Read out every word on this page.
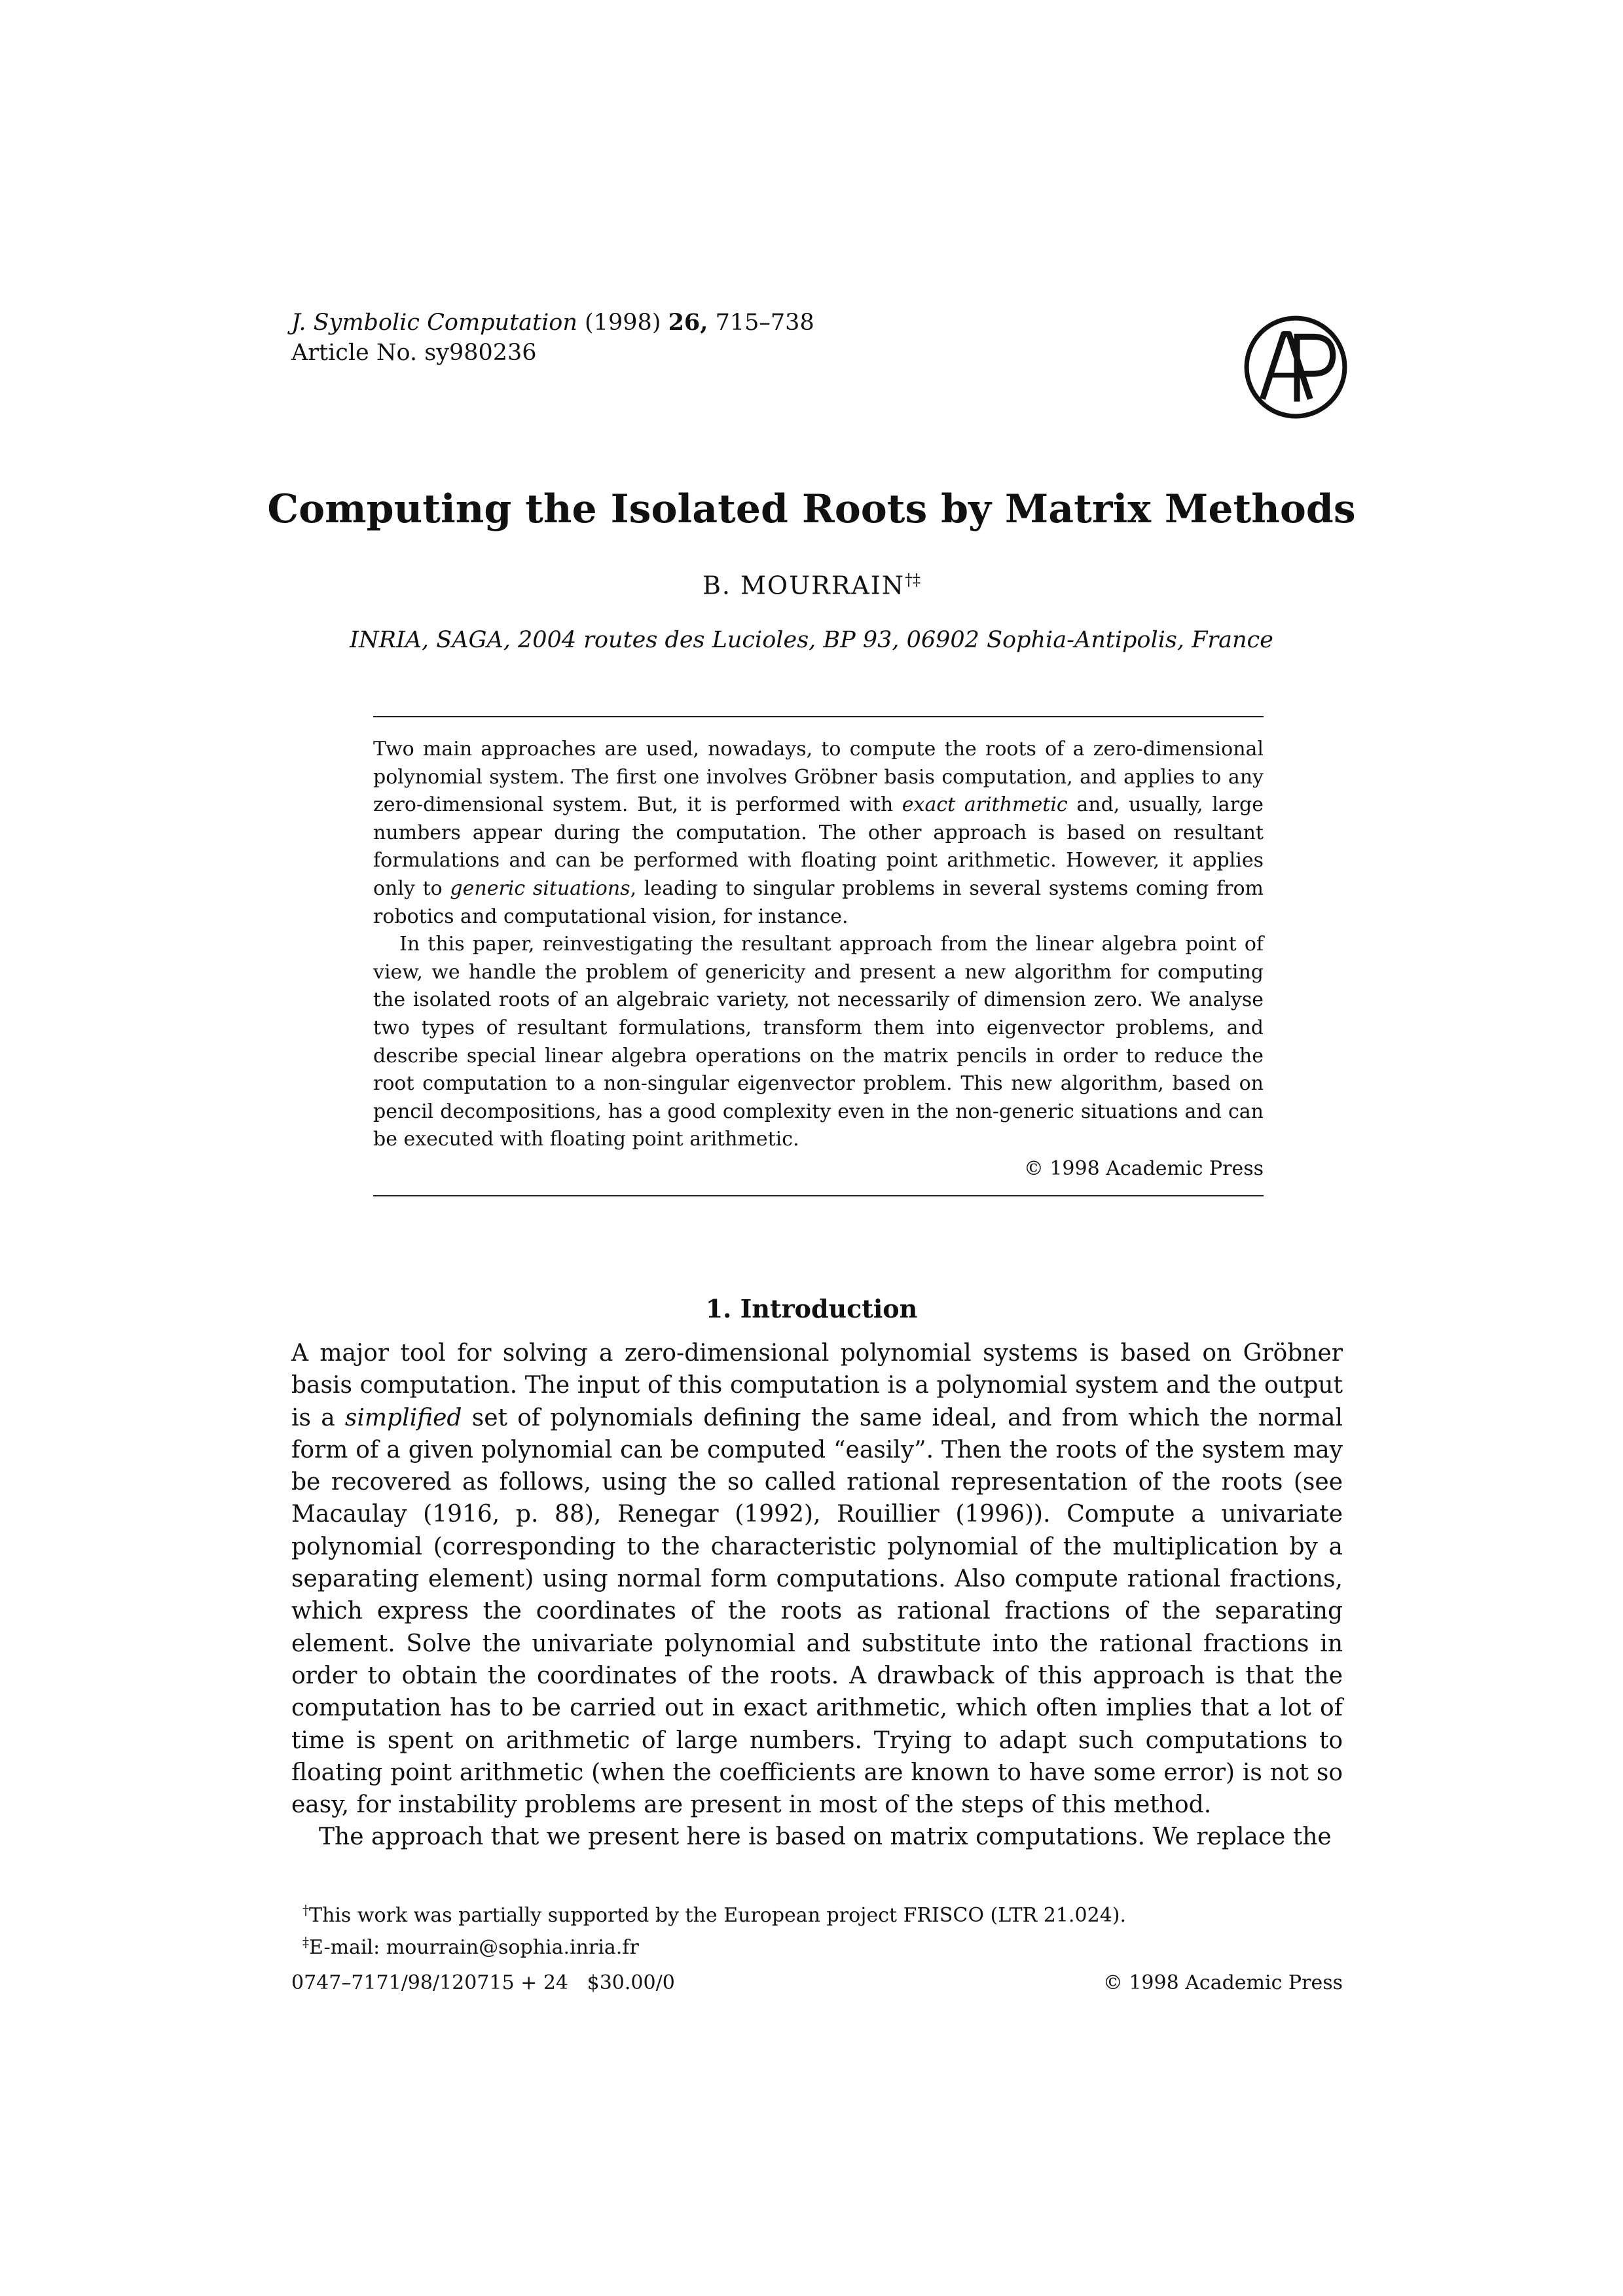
J. Symbolic Computation (1998) 26, 715–738
Article No. sy980236
Computing the Isolated Roots by Matrix Methods
B. MOURRAIN†‡
INRIA, SAGA, 2004 routes des Lucioles, BP 93, 06902 Sophia-Antipolis, France

Two main approaches are used, nowadays, to compute the roots of a zero-dimensional polynomial system. The first one involves Gröbner basis computation, and applies to any zero-dimensional system. But, it is performed with exact arithmetic and, usually, large numbers appear during the computation. The other approach is based on resultant formulations and can be performed with floating point arithmetic. However, it applies only to generic situations, leading to singular problems in several systems coming from robotics and computational vision, for instance.

In this paper, reinvestigating the resultant approach from the linear algebra point of view, we handle the problem of genericity and present a new algorithm for computing the isolated roots of an algebraic variety, not necessarily of dimension zero. We analyse two types of resultant formulations, transform them into eigenvector problems, and describe special linear algebra operations on the matrix pencils in order to reduce the root computation to a non-singular eigenvector problem. This new algorithm, based on pencil decompositions, has a good complexity even in the non-generic situations and can be executed with floating point arithmetic.

© 1998 Academic Press
1. Introduction

A major tool for solving a zero-dimensional polynomial systems is based on Gröbner basis computation. The input of this computation is a polynomial system and the output is a simplified set of polynomials defining the same ideal, and from which the normal form of a given polynomial can be computed “easily”. Then the roots of the system may be recovered as follows, using the so called rational representation of the roots (see Macaulay (1916, p. 88), Renegar (1992), Rouillier (1996)). Compute a univariate polynomial (corresponding to the characteristic polynomial of the multiplication by a separating element) using normal form computations. Also compute rational fractions, which express the coordinates of the roots as rational fractions of the separating element. Solve the univariate polynomial and substitute into the rational fractions in order to obtain the coordinates of the roots. A drawback of this approach is that the computation has to be carried out in exact arithmetic, which often implies that a lot of time is spent on arithmetic of large numbers. Trying to adapt such computations to floating point arithmetic (when the coefficients are known to have some error) is not so easy, for instability problems are present in most of the steps of this method.

The approach that we present here is based on matrix computations. We replace the

†This work was partially supported by the European project FRISCO (LTR 21.024).
‡E-mail: mourrain@sophia.inria.fr
0747–7171/98/120715 + 24 $30.00/0	© 1998 Academic Press
